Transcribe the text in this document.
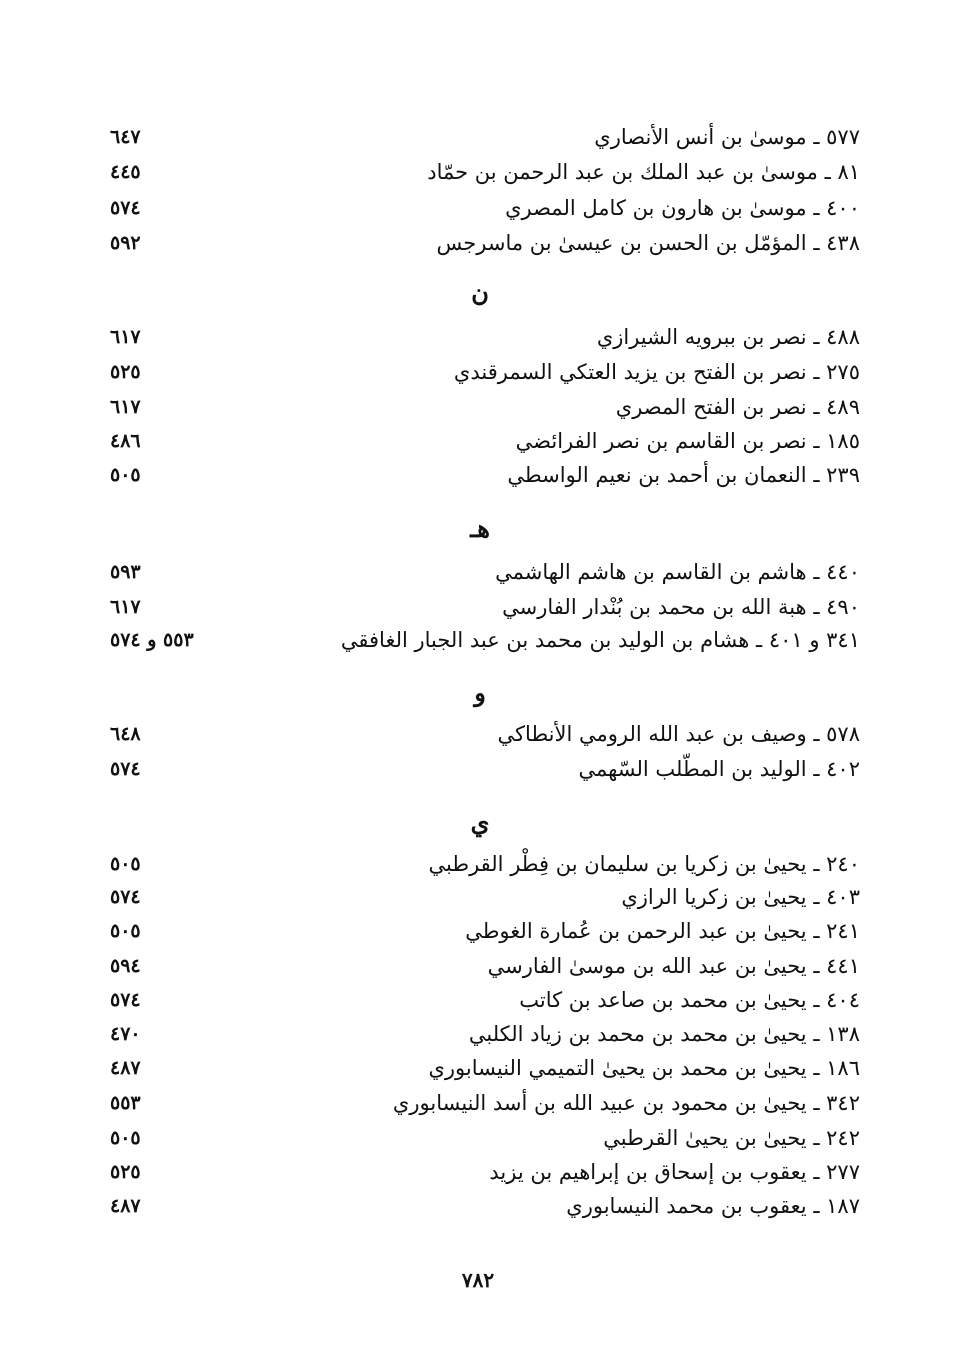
٥٧٧ ـ موسىٰ بن أنس الأنصاري
٦٤٧
٨١ ـ موسىٰ بن عبد الملك بن عبد الرحمن بن حمّاد
٤٤٥
٤٠٠ ـ موسىٰ بن هارون بن كامل المصري
٥٧٤
٤٣٨ ـ المؤمّل بن الحسن بن عيسىٰ بن ماسرجس
٥٩٢
ن
٤٨٨ ـ نصر بن ببرويه الشيرازي
٦١٧
٢٧٥ ـ نصر بن الفتح بن يزيد العتكي السمرقندي
٥٢٥
٤٨٩ ـ نصر بن الفتح المصري
٦١٧
١٨٥ ـ نصر بن القاسم بن نصر الفرائضي
٤٨٦
٢٣٩ ـ النعمان بن أحمد بن نعيم الواسطي
٥٠٥
هـ
٤٤٠ ـ هاشم بن القاسم بن هاشم الهاشمي
٥٩٣
٤٩٠ ـ هبة الله بن محمد بن بُنْدار الفارسي
٦١٧
٣٤١ و ٤٠١ ـ هشام بن الوليد بن محمد بن عبد الجبار الغافقي
٥٥٣ و ٥٧٤
و
٥٧٨ ـ وصيف بن عبد الله الرومي الأنطاكي
٦٤٨
٤٠٢ ـ الوليد بن المطّلب السّهمي
٥٧٤
ي
٢٤٠ ـ يحيىٰ بن زكريا بن سليمان بن فِطْر القرطبي
٥٠٥
٤٠٣ ـ يحيىٰ بن زكريا الرازي
٥٧٤
٢٤١ ـ يحيىٰ بن عبد الرحمن بن عُمارة الغوطي
٥٠٥
٤٤١ ـ يحيىٰ بن عبد الله بن موسىٰ الفارسي
٥٩٤
٤٠٤ ـ يحيىٰ بن محمد بن صاعد بن كاتب
٥٧٤
١٣٨ ـ يحيىٰ بن محمد بن محمد بن زياد الكلبي
٤٧٠
١٨٦ ـ يحيىٰ بن محمد بن يحيىٰ التميمي النيسابوري
٤٨٧
٣٤٢ ـ يحيىٰ بن محمود بن عبيد الله بن أسد النيسابوري
٥٥٣
٢٤٢ ـ يحيىٰ بن يحيىٰ القرطبي
٥٠٥
٢٧٧ ـ يعقوب بن إسحاق بن إبراهيم بن يزيد
٥٢٥
١٨٧ ـ يعقوب بن محمد النيسابوري
٤٨٧
٧٨٢
